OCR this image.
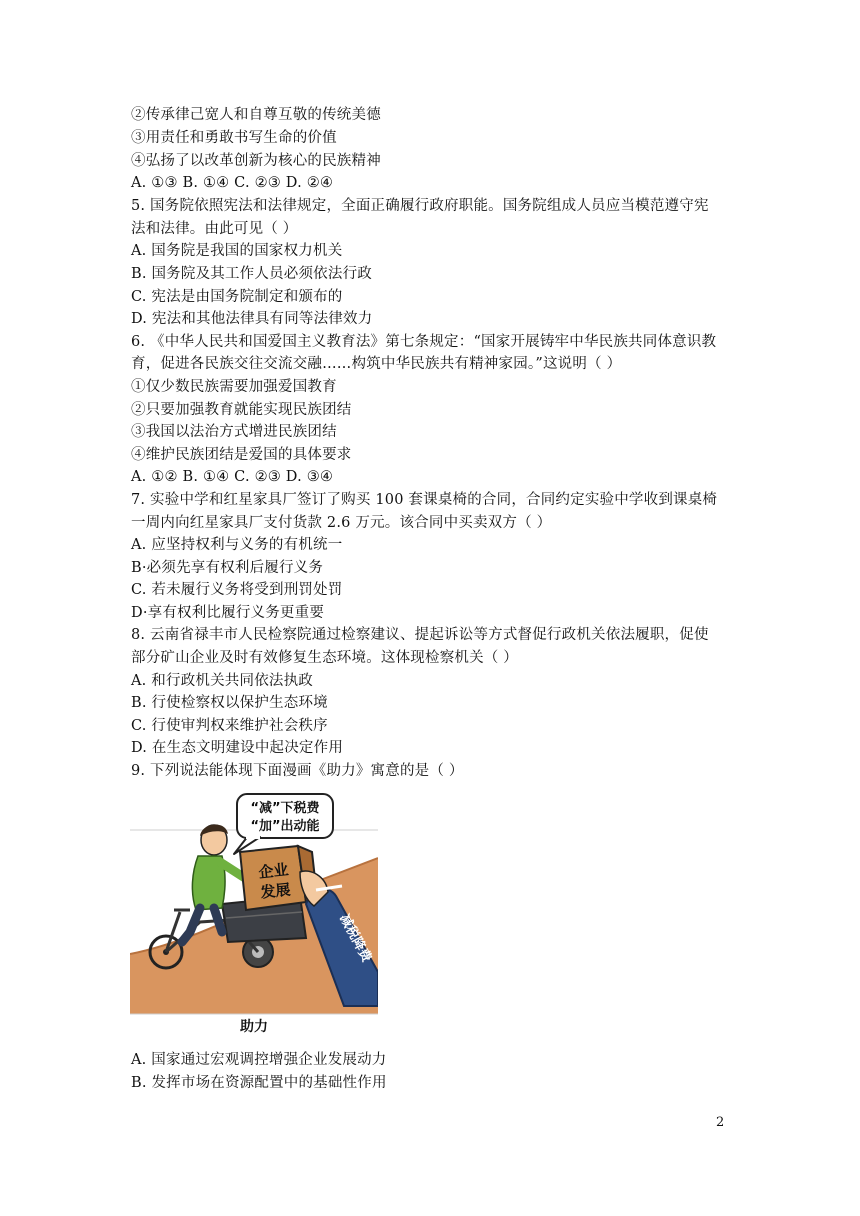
②传承律己宽人和自尊互敬的传统美德
③用责任和勇敢书写生命的价值
④弘扬了以改革创新为核心的民族精神
A. ①③ B. ①④ C. ②③ D. ②④
5. 国务院依照宪法和法律规定，全面正确履行政府职能。国务院组成人员应当模范遵守宪
法和法律。由此可见（ ）
A. 国务院是我国的国家权力机关
B. 国务院及其工作人员必须依法行政
C. 宪法是由国务院制定和颁布的
D. 宪法和其他法律具有同等法律效力
6. 《中华人民共和国爱国主义教育法》第七条规定：“国家开展铸牢中华民族共同体意识教
育，促进各民族交往交流交融……构筑中华民族共有精神家园。”这说明（ ）
①仅少数民族需要加强爱国教育
②只要加强教育就能实现民族团结
③我国以法治方式增进民族团结
④维护民族团结是爱国的具体要求
A. ①② B. ①④ C. ②③ D. ③④
7. 实验中学和红星家具厂签订了购买 100 套课桌椅的合同，合同约定实验中学收到课桌椅
一周内向红星家具厂支付货款 2.6 万元。该合同中买卖双方（ ）
A. 应坚持权利与义务的有机统一
B·必须先享有权利后履行义务
C. 若未履行义务将受到刑罚处罚
D·享有权利比履行义务更重要
8. 云南省禄丰市人民检察院通过检察建议、提起诉讼等方式督促行政机关依法履职，促使
部分矿山企业及时有效修复生态环境。这体现检察机关（ ）
A. 和行政机关共同依法执政
B. 行使检察权以保护生态环境
C. 行使审判权来维护社会秩序
D. 在生态文明建设中起决定作用
9. 下列说法能体现下面漫画《助力》寓意的是（ ）
“减”下税费
“加”出动能
企业
发展
减税降费
助力
A. 国家通过宏观调控增强企业发展动力
B. 发挥市场在资源配置中的基础性作用
2
